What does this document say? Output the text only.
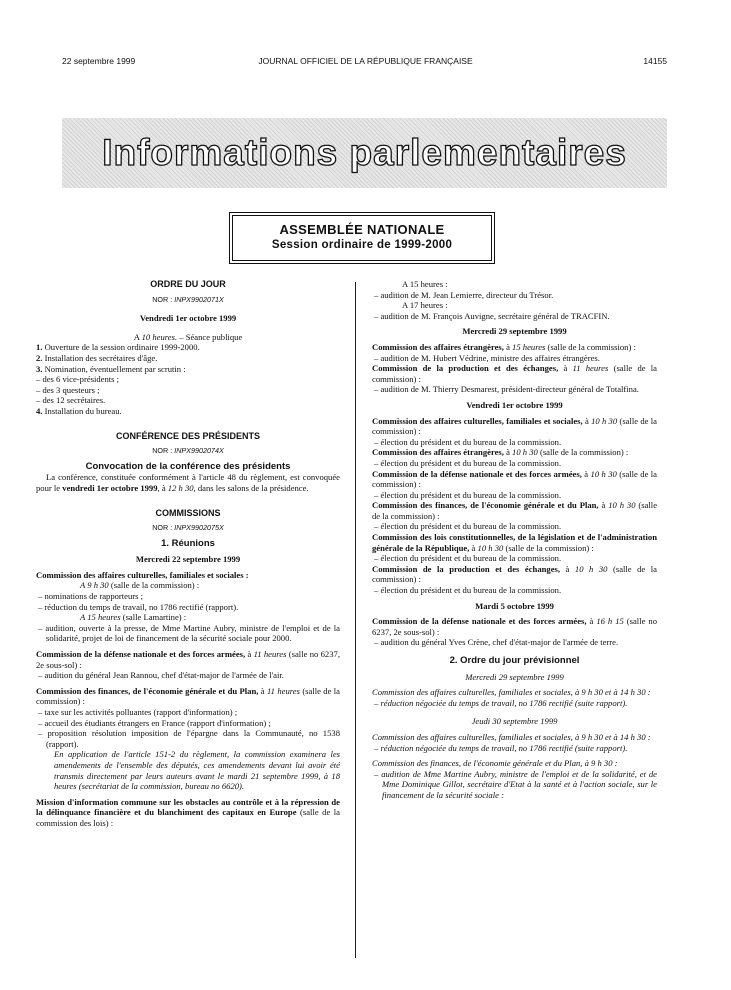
22 septembre 1999	JOURNAL OFFICIEL DE LA RÉPUBLIQUE FRANÇAISE	14155
Informations parlementaires
ASSEMBLÉE NATIONALE
Session ordinaire de 1999-2000

ORDRE DU JOUR

NOR : INPX9902071X

Vendredi 1er octobre 1999

A 10 heures. – Séance publique

1. Ouverture de la session ordinaire 1999-2000.

2. Installation des secrétaires d'âge.

3. Nomination, éventuellement par scrutin :

– des 6 vice-présidents ;

– des 3 questeurs ;

– des 12 secrétaires.

4. Installation du bureau.

CONFÉRENCE DES PRÉSIDENTS

NOR : INPX9902074X

Convocation de la conférence des présidents

La conférence, constituée conformément à l'article 48 du règlement, est convoquée pour le vendredi 1er octobre 1999, à 12 h 30, dans les salons de la présidence.

COMMISSIONS

NOR : INPX9902075X

1. Réunions

Mercredi 22 septembre 1999

Commission des affaires culturelles, familiales et sociales :

A 9 h 30 (salle de la commission) :

– nominations de rapporteurs ;

– réduction du temps de travail, no 1786 rectifié (rapport).

A 15 heures (salle Lamartine) :

– audition, ouverte à la presse, de Mme Martine Aubry, ministre de l'emploi et de la solidarité, projet de loi de financement de la sécurité sociale pour 2000.

Commission de la défense nationale et des forces armées, à 11 heures (salle no 6237, 2e sous-sol) :

– audition du général Jean Rannou, chef d'état-major de l'armée de l'air.

Commission des finances, de l'économie générale et du Plan, à 11 heures (salle de la commission) :

– taxe sur les activités polluantes (rapport d'information) ;

– accueil des étudiants étrangers en France (rapport d'information) ;

– proposition résolution imposition de l'épargne dans la Communauté, no 1538 (rapport).

En application de l'article 151-2 du règlement, la commission examinera les amendements de l'ensemble des députés, ces amendements devant lui avoir été transmis directement par leurs auteurs avant le mardi 21 septembre 1999, à 18 heures (secrétariat de la commission, bureau no 6620).

Mission d'information commune sur les obstacles au contrôle et à la répression de la délinquance financière et du blanchiment des capitaux en Europe (salle de la commission des lois) :

A 15 heures :

– audition de M. Jean Lemierre, directeur du Trésor.

A 17 heures :

– audition de M. François Auvigne, secrétaire général de TRACFIN.

Mercredi 29 septembre 1999

Commission des affaires étrangères, à 15 heures (salle de la commission) :

– audition de M. Hubert Védrine, ministre des affaires étrangères.

Commission de la production et des échanges, à 11 heures (salle de la commission) :

– audition de M. Thierry Desmarest, président-directeur général de Totalfina.

Vendredi 1er octobre 1999

Commission des affaires culturelles, familiales et sociales, à 10 h 30 (salle de la commission) :

– élection du président et du bureau de la commission.

Commission des affaires étrangères, à 10 h 30 (salle de la commission) :

– élection du président et du bureau de la commission.

Commission de la défense nationale et des forces armées, à 10 h 30 (salle de la commission) :

– élection du président et du bureau de la commission.

Commission des finances, de l'économie générale et du Plan, à 10 h 30 (salle de la commission) :

– élection du président et du bureau de la commission.

Commission des lois constitutionnelles, de la législation et de l'administration générale de la République, à 10 h 30 (salle de la commission) :

– élection du président et du bureau de la commission.

Commission de la production et des échanges, à 10 h 30 (salle de la commission) :

– élection du président et du bureau de la commission.

Mardi 5 octobre 1999

Commission de la défense nationale et des forces armées, à 16 h 15 (salle no 6237, 2e sous-sol) :

– audition du général Yves Crène, chef d'état-major de l'armée de terre.

2. Ordre du jour prévisionnel

Mercredi 29 septembre 1999

Commission des affaires culturelles, familiales et sociales, à 9 h 30 et à 14 h 30 :

– réduction négociée du temps de travail, no 1786 rectifié (suite rapport).

Jeudi 30 septembre 1999

Commission des affaires culturelles, familiales et sociales, à 9 h 30 et à 14 h 30 :

– réduction négociée du temps de travail, no 1786 rectifié (suite rapport).

Commission des finances, de l'économie générale et du Plan, à 9 h 30 :

– audition de Mme Martine Aubry, ministre de l'emploi et de la solidarité, et de Mme Dominique Gillot, secrétaire d'Etat à la santé et à l'action sociale, sur le financement de la sécurité sociale :
